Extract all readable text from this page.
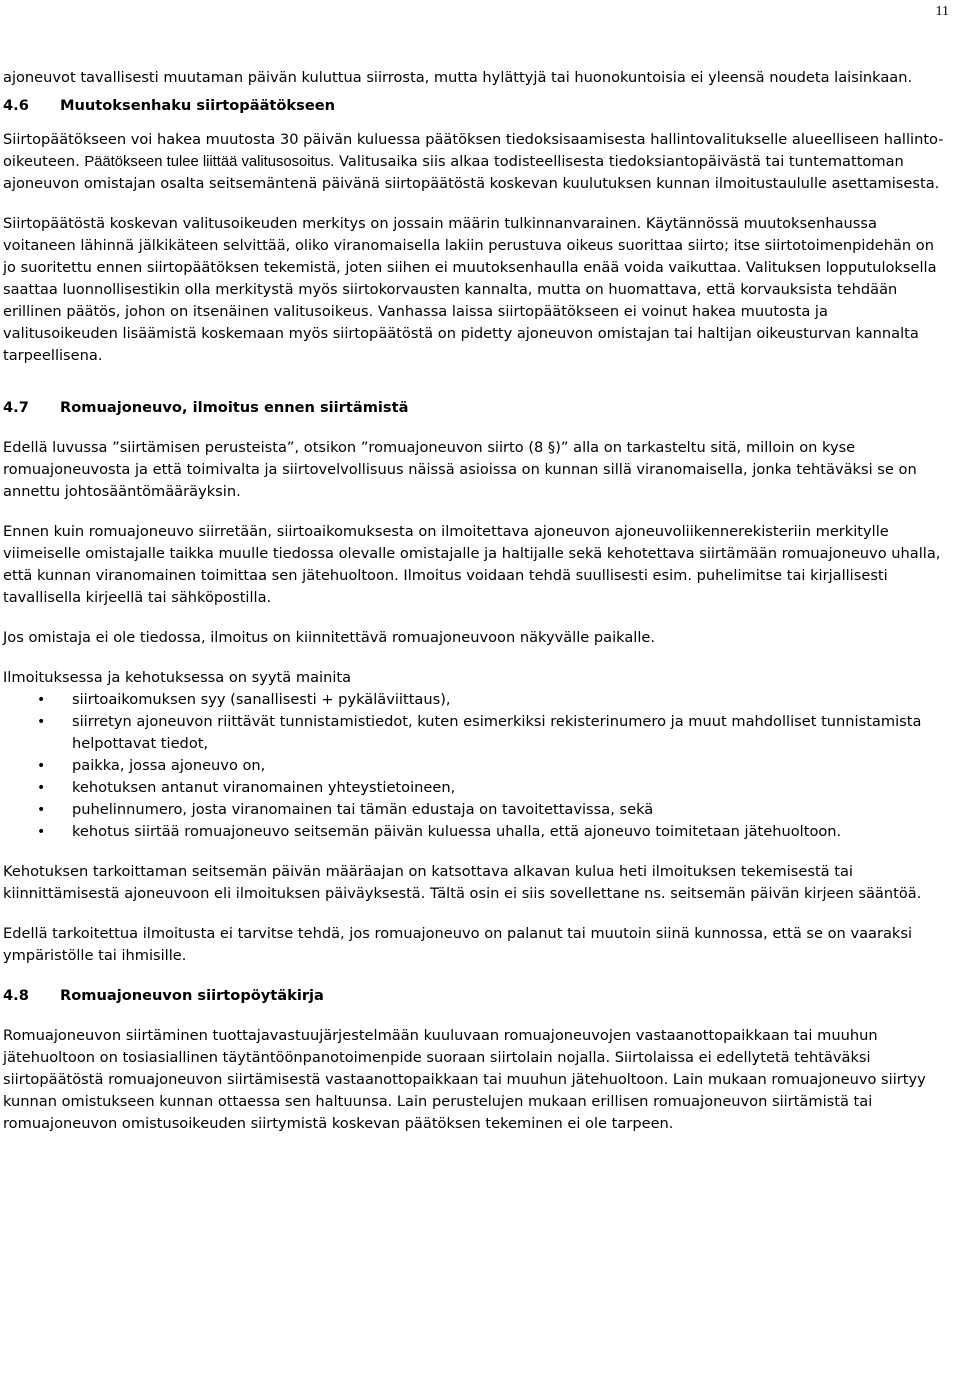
11

ajoneuvot tavallisesti muutaman päivän kuluttua siirrosta, mutta hylättyjä tai huonokuntoisia ei yleensä noudeta laisinkaan.

4.6	Muutoksenhaku siirtopäätökseen

Siirtopäätökseen voi hakea muutosta 30 päivän kuluessa päätöksen tiedoksisaamisesta hallintovalitukselle alueelliseen hallinto-oikeuteen. Päätökseen tulee liittää valitusosoitus. Valitusaika siis alkaa todisteellisesta tiedoksiantopäivästä tai tuntemattoman ajoneuvon omistajan osalta seitsemäntenä päivänä siirtopäätöstä koskevan kuulutuksen kunnan ilmoitustaululle asettamisesta.

Siirtopäätöstä koskevan valitusoikeuden merkitys on jossain määrin tulkinnanvarainen. Käytännössä muutoksenhaussa voitaneen lähinnä jälkikäteen selvittää, oliko viranomaisella lakiin perustuva oikeus suorittaa siirto; itse siirtotoimenpidehän on jo suoritettu ennen siirtopäätöksen tekemistä, joten siihen ei muutoksenhaulla enää voida vaikuttaa. Valituksen lopputuloksella saattaa luonnollisestikin olla merkitystä myös siirtokorvausten kannalta, mutta on huomattava, että korvauksista tehdään erillinen päätös, johon on itsenäinen valitusoikeus. Vanhassa laissa siirtopäätökseen ei voinut hakea muutosta ja valitusoikeuden lisäämistä koskemaan myös siirtopäätöstä on pidetty ajoneuvon omistajan tai haltijan oikeusturvan kannalta tarpeellisena.

4.7	Romuajoneuvo, ilmoitus ennen siirtämistä

Edellä luvussa ”siirtämisen perusteista”, otsikon ”romuajoneuvon siirto (8 §)” alla on tarkasteltu sitä, milloin on kyse romuajoneuvosta ja että toimivalta ja siirtovelvollisuus näissä asioissa on kunnan sillä viranomaisella, jonka tehtäväksi se on annettu johtosääntömääräyksin.

Ennen kuin romuajoneuvo siirretään, siirtoaikomuksesta on ilmoitettava ajoneuvon ajoneuvoliikennerekisteriin merkitylle viimeiselle omistajalle taikka muulle tiedossa olevalle omistajalle ja haltijalle sekä kehotettava siirtämään romuajoneuvo uhalla, että kunnan viranomainen toimittaa sen jätehuoltoon. Ilmoitus voidaan tehdä suullisesti esim. puhelimitse tai kirjallisesti tavallisella kirjeellä tai sähköpostilla.

Jos omistaja ei ole tiedossa, ilmoitus on kiinnitettävä romuajoneuvoon näkyvälle paikalle.

Ilmoituksessa ja kehotuksessa on syytä mainita

• siirtoaikomuksen syy (sanallisesti + pykäläviittaus),
• siirretyn ajoneuvon riittävät tunnistamistiedot, kuten esimerkiksi rekisterinumero ja muut mahdolliset tunnistamista helpottavat tiedot,
• paikka, jossa ajoneuvo on,
• kehotuksen antanut viranomainen yhteystietoineen,
• puhelinnumero, josta viranomainen tai tämän edustaja on tavoitettavissa, sekä
• kehotus siirtää romuajoneuvo seitsemän päivän kuluessa uhalla, että ajoneuvo toimitetaan jätehuoltoon.

Kehotuksen tarkoittaman seitsemän päivän määräajan on katsottava alkavan kulua heti ilmoituksen tekemisestä tai kiinnittämisestä ajoneuvoon eli ilmoituksen päiväyksestä. Tältä osin ei siis sovellettane ns. seitsemän päivän kirjeen sääntöä.

Edellä tarkoitettua ilmoitusta ei tarvitse tehdä, jos romuajoneuvo on palanut tai muutoin siinä kunnossa, että se on vaaraksi ympäristölle tai ihmisille.

4.8	Romuajoneuvon siirtopöytäkirja

Romuajoneuvon siirtäminen tuottajavastuujärjestelmään kuuluvaan romuajoneuvojen vastaanottopaikkaan tai muuhun jätehuoltoon on tosiasiallinen täytäntöönpanotoimenpide suoraan siirtolain nojalla. Siirtolaissa ei edellytetä tehtäväksi siirtopäätöstä romuajoneuvon siirtämisestä vastaanottopaikkaan tai muuhun jätehuoltoon. Lain mukaan romuajoneuvo siirtyy kunnan omistukseen kunnan ottaessa sen haltuunsa. Lain perustelujen mukaan erillisen romuajoneuvon siirtämistä tai romuajoneuvon omistusoikeuden siirtymistä koskevan päätöksen tekeminen ei ole tarpeen.
